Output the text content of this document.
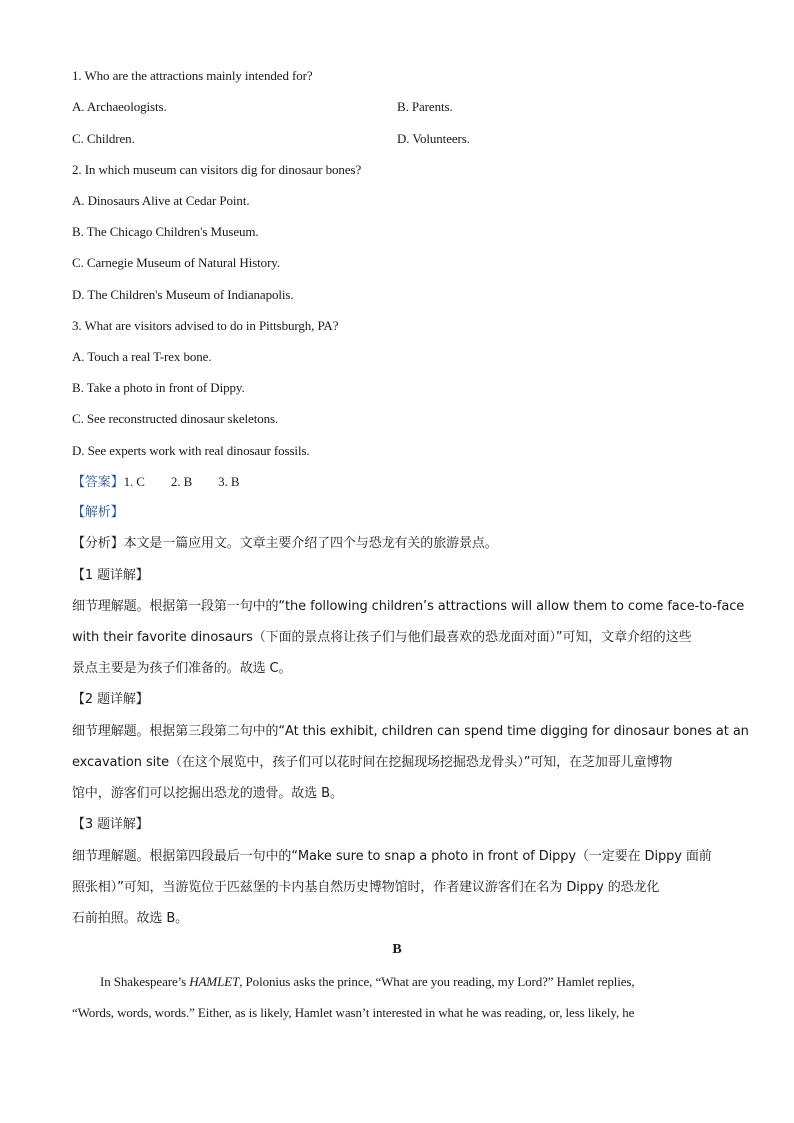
1. Who are the attractions mainly intended for?
A. Archaeologists.	B. Parents.
C. Children.	D. Volunteers.
2. In which museum can visitors dig for dinosaur bones?
A. Dinosaurs Alive at Cedar Point.
B. The Chicago Children's Museum.
C. Carnegie Museum of Natural History.
D. The Children's Museum of Indianapolis.
3. What are visitors advised to do in Pittsburgh, PA?
A. Touch a real T-rex bone.
B. Take a photo in front of Dippy.
C. See reconstructed dinosaur skeletons.
D. See experts work with real dinosaur fossils.
【答案】1. C 2. B 3. B
【解析】
【分析】本文是一篇应用文。文章主要介绍了四个与恐龙有关的旅游景点。
【1 题详解】
细节理解题。根据第一段第一句中的“the following children’s attractions will allow them to come face-to-face
with their favorite dinosaurs（下面的景点将让孩子们与他们最喜欢的恐龙面对面）”可知，文章介绍的这些
景点主要是为孩子们准备的。故选 C。
【2 题详解】
细节理解题。根据第三段第二句中的“At this exhibit, children can spend time digging for dinosaur bones at an
excavation site（在这个展览中，孩子们可以花时间在挖掘现场挖掘恐龙骨头）”可知，在芝加哥儿童博物
馆中，游客们可以挖掘出恐龙的遗骨。故选 B。
【3 题详解】
细节理解题。根据第四段最后一句中的“Make sure to snap a photo in front of Dippy（一定要在 Dippy 面前
照张相）”可知，当游览位于匹兹堡的卡内基自然历史博物馆时，作者建议游客们在名为 Dippy 的恐龙化
石前拍照。故选 B。
B
In Shakespeare’s HAMLET, Polonius asks the prince, “What are you reading, my Lord?” Hamlet replies,
“Words, words, words.” Either, as is likely, Hamlet wasn’t interested in what he was reading, or, less likely, he
